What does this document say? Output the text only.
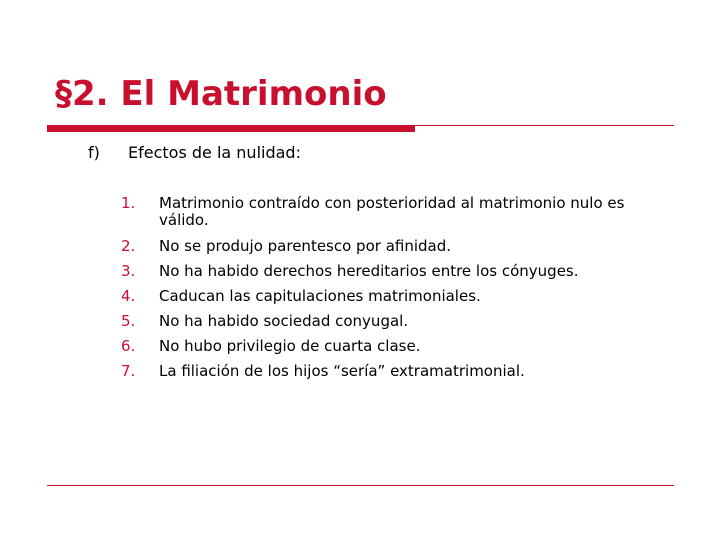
§2. El Matrimonio
f) Efectos de la nulidad:
1. Matrimonio contraído con posterioridad al matrimonio nulo es válido.
2. No se produjo parentesco por afinidad.
3. No ha habido derechos hereditarios entre los cónyuges.
4. Caducan las capitulaciones matrimoniales.
5. No ha habido sociedad conyugal.
6. No hubo privilegio de cuarta clase.
7. La filiación de los hijos “sería” extramatrimonial.
